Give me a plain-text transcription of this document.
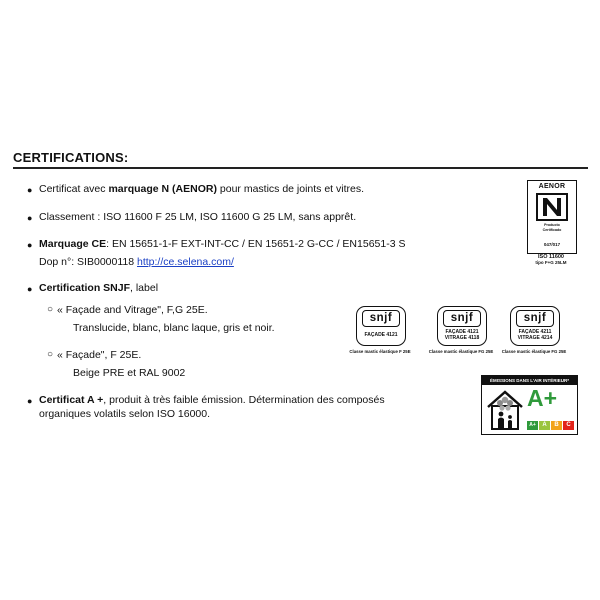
CERTIFICATIONS:
● Certificat avec marquage N (AENOR) pour mastics de joints et vitres.
● Classement : ISO 11600 F 25 LM, ISO 11600 G 25 LM, sans apprêt.
● Marquage CE: EN 15651-1-F EXT-INT-CC / EN 15651-2 G-CC / EN15651-3 S
Dop n°: SIB0000118 http://ce.selena.com/
● Certification SNJF, label
○ « Façade and Vitrage", F,G 25E.
Translucide, blanc, blanc laque, gris et noir.
○ « Façade", F 25E.
Beige PRE et RAL 9002
● Certificat A +, produit à très faible émission. Détermination des composés
organiques volatils selon ISO 16000.
AENOR
Producto
Certificado
047/017
ISO 11600
tipo F+G 25LM
snjf
FAÇADE 4121
Classe mastic élastique F 25E
snjf
FAÇADE 4121
VITRAGE 4118
Classe mastic élastique FG 25E
snjf
FAÇADE 4211
VITRAGE 4214
Classe mastic élastique FG 25E
ÉMISSIONS DANS L'AIR INTÉRIEUR*
A+
A+	A	B	C
